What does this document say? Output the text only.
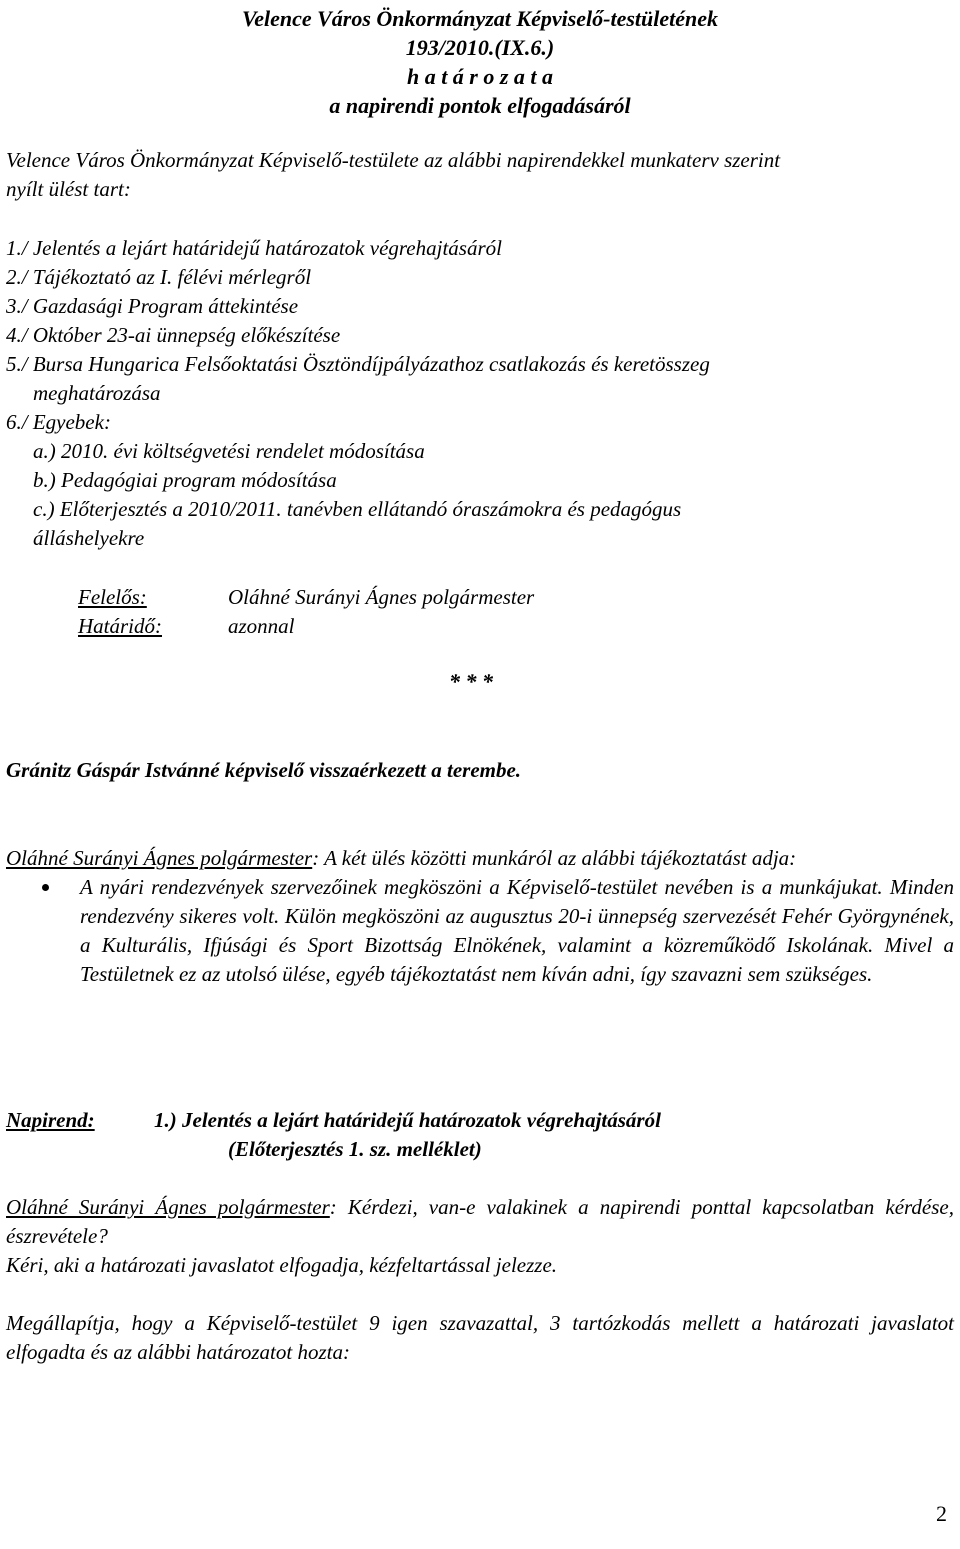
Velence Város Önkormányzat Képviselő-testületének
193/2010.(IX.6.)
h a t á r o z a t a
a napirendi pontok elfogadásáról
Velence Város Önkormányzat Képviselő-testülete az alábbi napirendekkel munkaterv szerint
nyílt ülést tart:
1./ Jelentés a lejárt határidejű határozatok végrehajtásáról
2./ Tájékoztató az I. félévi mérlegről
3./ Gazdasági Program áttekintése
4./ Október 23-ai ünnepség előkészítése
5./ Bursa Hungarica Felsőoktatási Ösztöndíjpályázathoz csatlakozás és keretösszeg
meghatározása
6./ Egyebek:
a.) 2010. évi költségvetési rendelet módosítása
b.) Pedagógiai program módosítása
c.) Előterjesztés a 2010/2011. tanévben ellátandó óraszámokra és pedagógus
álláshelyekre
Felelős:	Oláhné Surányi Ágnes polgármester
Határidő:	azonnal
* * *
Gránitz Gáspár Istvánné képviselő visszaérkezett a terembe.
Oláhné Surányi Ágnes polgármester: A két ülés közötti munkáról az alábbi tájékoztatást adja:
A nyári rendezvények szervezőinek megköszöni a Képviselő-testület nevében is a munkájukat. Minden rendezvény sikeres volt. Külön megköszöni az augusztus 20-i ünnepség szervezését Fehér Györgynének, a Kulturális, Ifjúsági és Sport Bizottság Elnökének, valamint a közreműködő Iskolának. Mivel a Testületnek ez az utolsó ülése, egyéb tájékoztatást nem kíván adni, így szavazni sem szükséges.
Napirend:	1.) Jelentés a lejárt határidejű határozatok végrehajtásáról
(Előterjesztés 1. sz. melléklet)
Oláhné Surányi Ágnes polgármester: Kérdezi, van-e valakinek a napirendi ponttal kapcsolatban kérdése, észrevétele?
Kéri, aki a határozati javaslatot elfogadja, kézfeltartással jelezze.
Megállapítja, hogy a Képviselő-testület 9 igen szavazattal, 3 tartózkodás mellett a határozati javaslatot elfogadta és az alábbi határozatot hozta:
2
